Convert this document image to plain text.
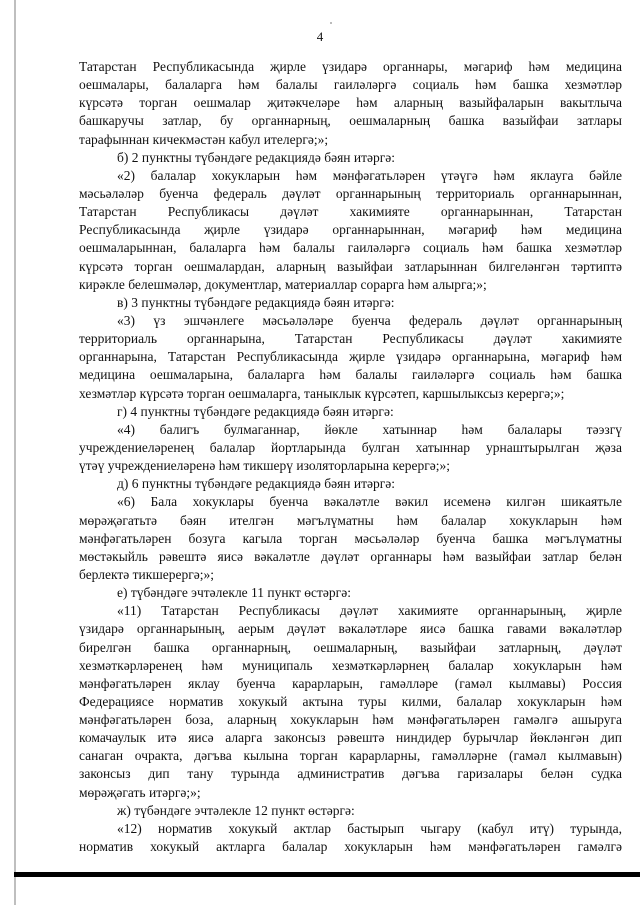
4
Татарстан Республикасында җирле үзидарә органнары, мәгариф һәм медицина
оешмалары, балаларга һәм балалы гаиләләргә социаль һәм башка хезмәтләр
күрсәтә торган оешмалар җитәкчеләре һәм аларның вазыйфаларын вакытлыча
башкаручы затлар, бу органнарның, оешмаларның башка вазыйфаи затлары
тарафыннан кичекмәстән кабул ителергә;»;
б) 2 пунктны түбәндәге редакциядә бәян итәргә:
«2) балалар хокукларын һәм мәнфәгатьләрен үтәүгә һәм яклауга бәйле
мәсьәләләр буенча федераль дәүләт органнарының территориаль органнарыннан,
Татарстан Республикасы дәүләт хакимияте органнарыннан, Татарстан
Республикасында җирле үзидарә органнарыннан, мәгариф һәм медицина
оешмаларыннан, балаларга һәм балалы гаиләләргә социаль һәм башка хезмәтләр
күрсәтә торган оешмалардан, аларның вазыйфаи затларыннан билгеләнгән тәртиптә
кирәкле белешмәләр, документлар, материаллар сорарга һәм алырга;»;
в) 3 пунктны түбәндәге редакциядә бәян итәргә:
«3) үз эшчәнлеге мәсьәләләре буенча федераль дәүләт органнарының
территориаль органнарына, Татарстан Республикасы дәүләт хакимияте
органнарына, Татарстан Республикасында җирле үзидарә органнарына, мәгариф һәм
медицина оешмаларына, балаларга һәм балалы гаиләләргә социаль һәм башка
хезмәтләр күрсәтә торган оешмаларга, таныклык күрсәтеп, каршылыксыз керергә;»;
г) 4 пунктны түбәндәге редакциядә бәян итәргә:
«4) балигъ булмаганнар, йөкле хатыннар һәм балалары тәэзгү
учреждениеләренең балалар йортларында булган хатыннар урнаштырылган җәза
үтәү учреждениеләренә һәм тикшерү изоляторларына керергә;»;
д) 6 пунктны түбәндәге редакциядә бәян итәргә:
«6) Бала хокуклары буенча вәкаләтле вәкил исеменә килгән шикаятьле
мөрәҗәгатьтә бәян ителгән мәгълүматны һәм балалар хокукларын һәм
мәнфәгатьләрен бозуга кагыла торган мәсьәләләр буенча башка мәгълүматны
мөстәкыйль рәвештә яисә вәкаләтле дәүләт органнары һәм вазыйфаи затлар белән
берлектә тикшерергә;»;
е) түбәндәге эчтәлекле 11 пункт өстәргә:
«11) Татарстан Республикасы дәүләт хакимияте органнарының, җирле
үзидарә органнарының, аерым дәүләт вәкаләтләре яисә башка гавами вәкаләтләр
бирелгән башка органнарның, оешмаларның, вазыйфаи затларның, дәүләт
хезмәткәрләренең һәм муниципаль хезмәткәрләрнең балалар хокукларын һәм
мәнфәгатьләрен яклау буенча карарларын, гамәлләре (гамәл кылмавы) Россия
Федерациясе норматив хокукый актына туры килми, балалар хокукларын һәм
мәнфәгатьләрен боза, аларның хокукларын һәм мәнфәгатьләрен гамәлгә ашыруга
комачаулык итә яисә аларга законсыз рәвештә ниндидер бурычлар йөкләнгән дип
санаган очракта, дәгъва кылына торган карарларны, гамәлләрне (гамәл кылмавын)
законсыз дип тану турында административ дәгъва гаризалары белән судка
мөрәҗәгать итәргә;»;
ж) түбәндәге эчтәлекле 12 пункт өстәргә:
«12) норматив хокукый актлар бастырып чыгару (кабул итү) турында,
норматив хокукый актларга балалар хокукларын һәм мәнфәгатьләрен гамәлгә
